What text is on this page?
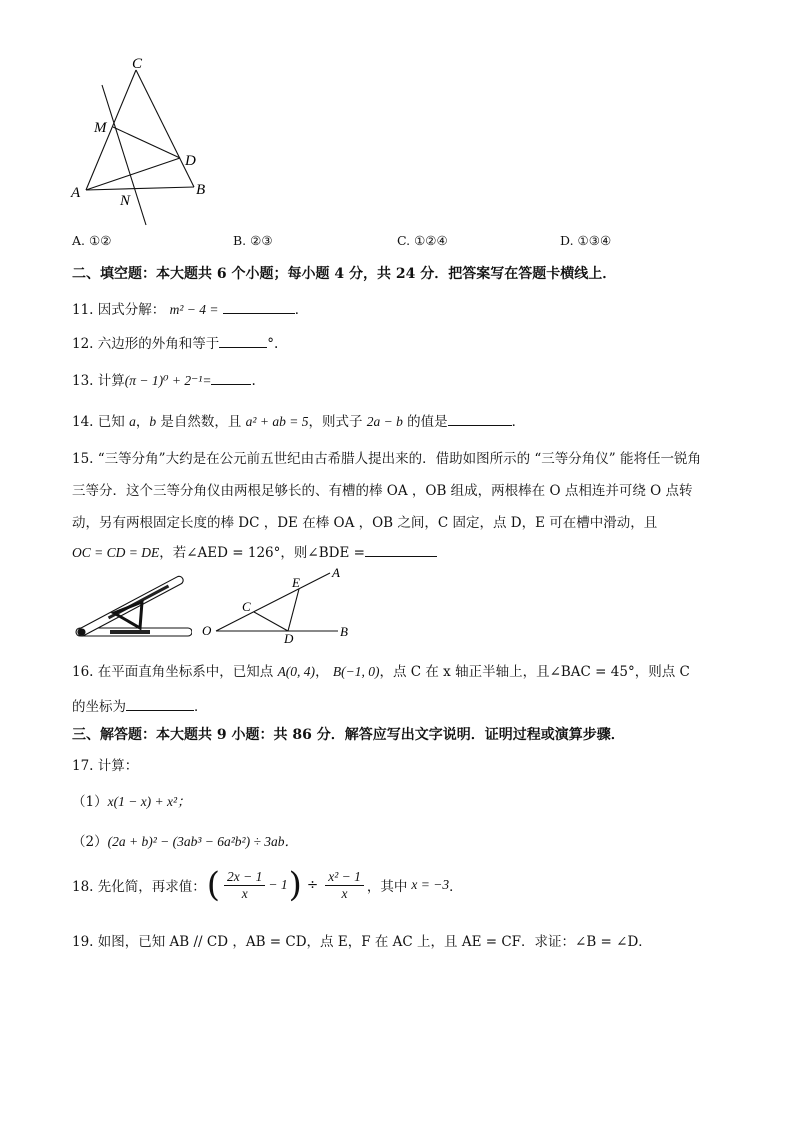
C
M
D
A	N
B
A. ①②	B. ②③	C. ①②④	D. ①③④
二、填空题：本大题共 6 个小题；每小题 4 分，共 24 分．把答案写在答题卡横线上．
11. 因式分解： m² − 4 =	．
12. 六边形的外角和等于	°.
13. 计算(π − 1)⁰ + 2⁻¹=	.
14. 已知 a，b 是自然数，且 a² + ab = 5，则式子 2a − b 的值是	．
15. “三等分角”大约是在公元前五世纪由古希腊人提出来的．借助如图所示的 “三等分角仪” 能将任一锐角
三等分．这个三等分角仪由两根足够长的、有槽的棒 OA ，OB 组成，两根棒在 O 点相连并可绕 O 点转
动，另有两根固定长度的棒 DC ，DE 在棒 OA ，OB 之间，C 固定，点 D，E 可在槽中滑动，且
OC = CD = DE，若∠AED = 126°，则∠BDE =
E
A
C
O
D	B
16. 在平面直角坐标系中，已知点 A(0, 4)， B(−1, 0)，点 C 在 x 轴正半轴上，且∠BAC = 45°，则点 C
的坐标为	．
三、解答题：本大题共 9 小题：共 86 分．解答应写出文字说明．证明过程或演算步骤．
17. 计算：
（1）x(1 − x) + x²；
（2）(2a + b)² − (3ab³ − 6a²b²) ÷ 3ab．
18. 先化简，再求值： ( $\frac{2x - 1}{x} - 1$ ) ÷ $\frac{\text{x² − 1}}{x}$ ，其中 x = −3 ．
19. 如图，已知 AB // CD ，AB = CD，点 E，F 在 AC 上，且 AE = CF．求证：∠B = ∠D．
